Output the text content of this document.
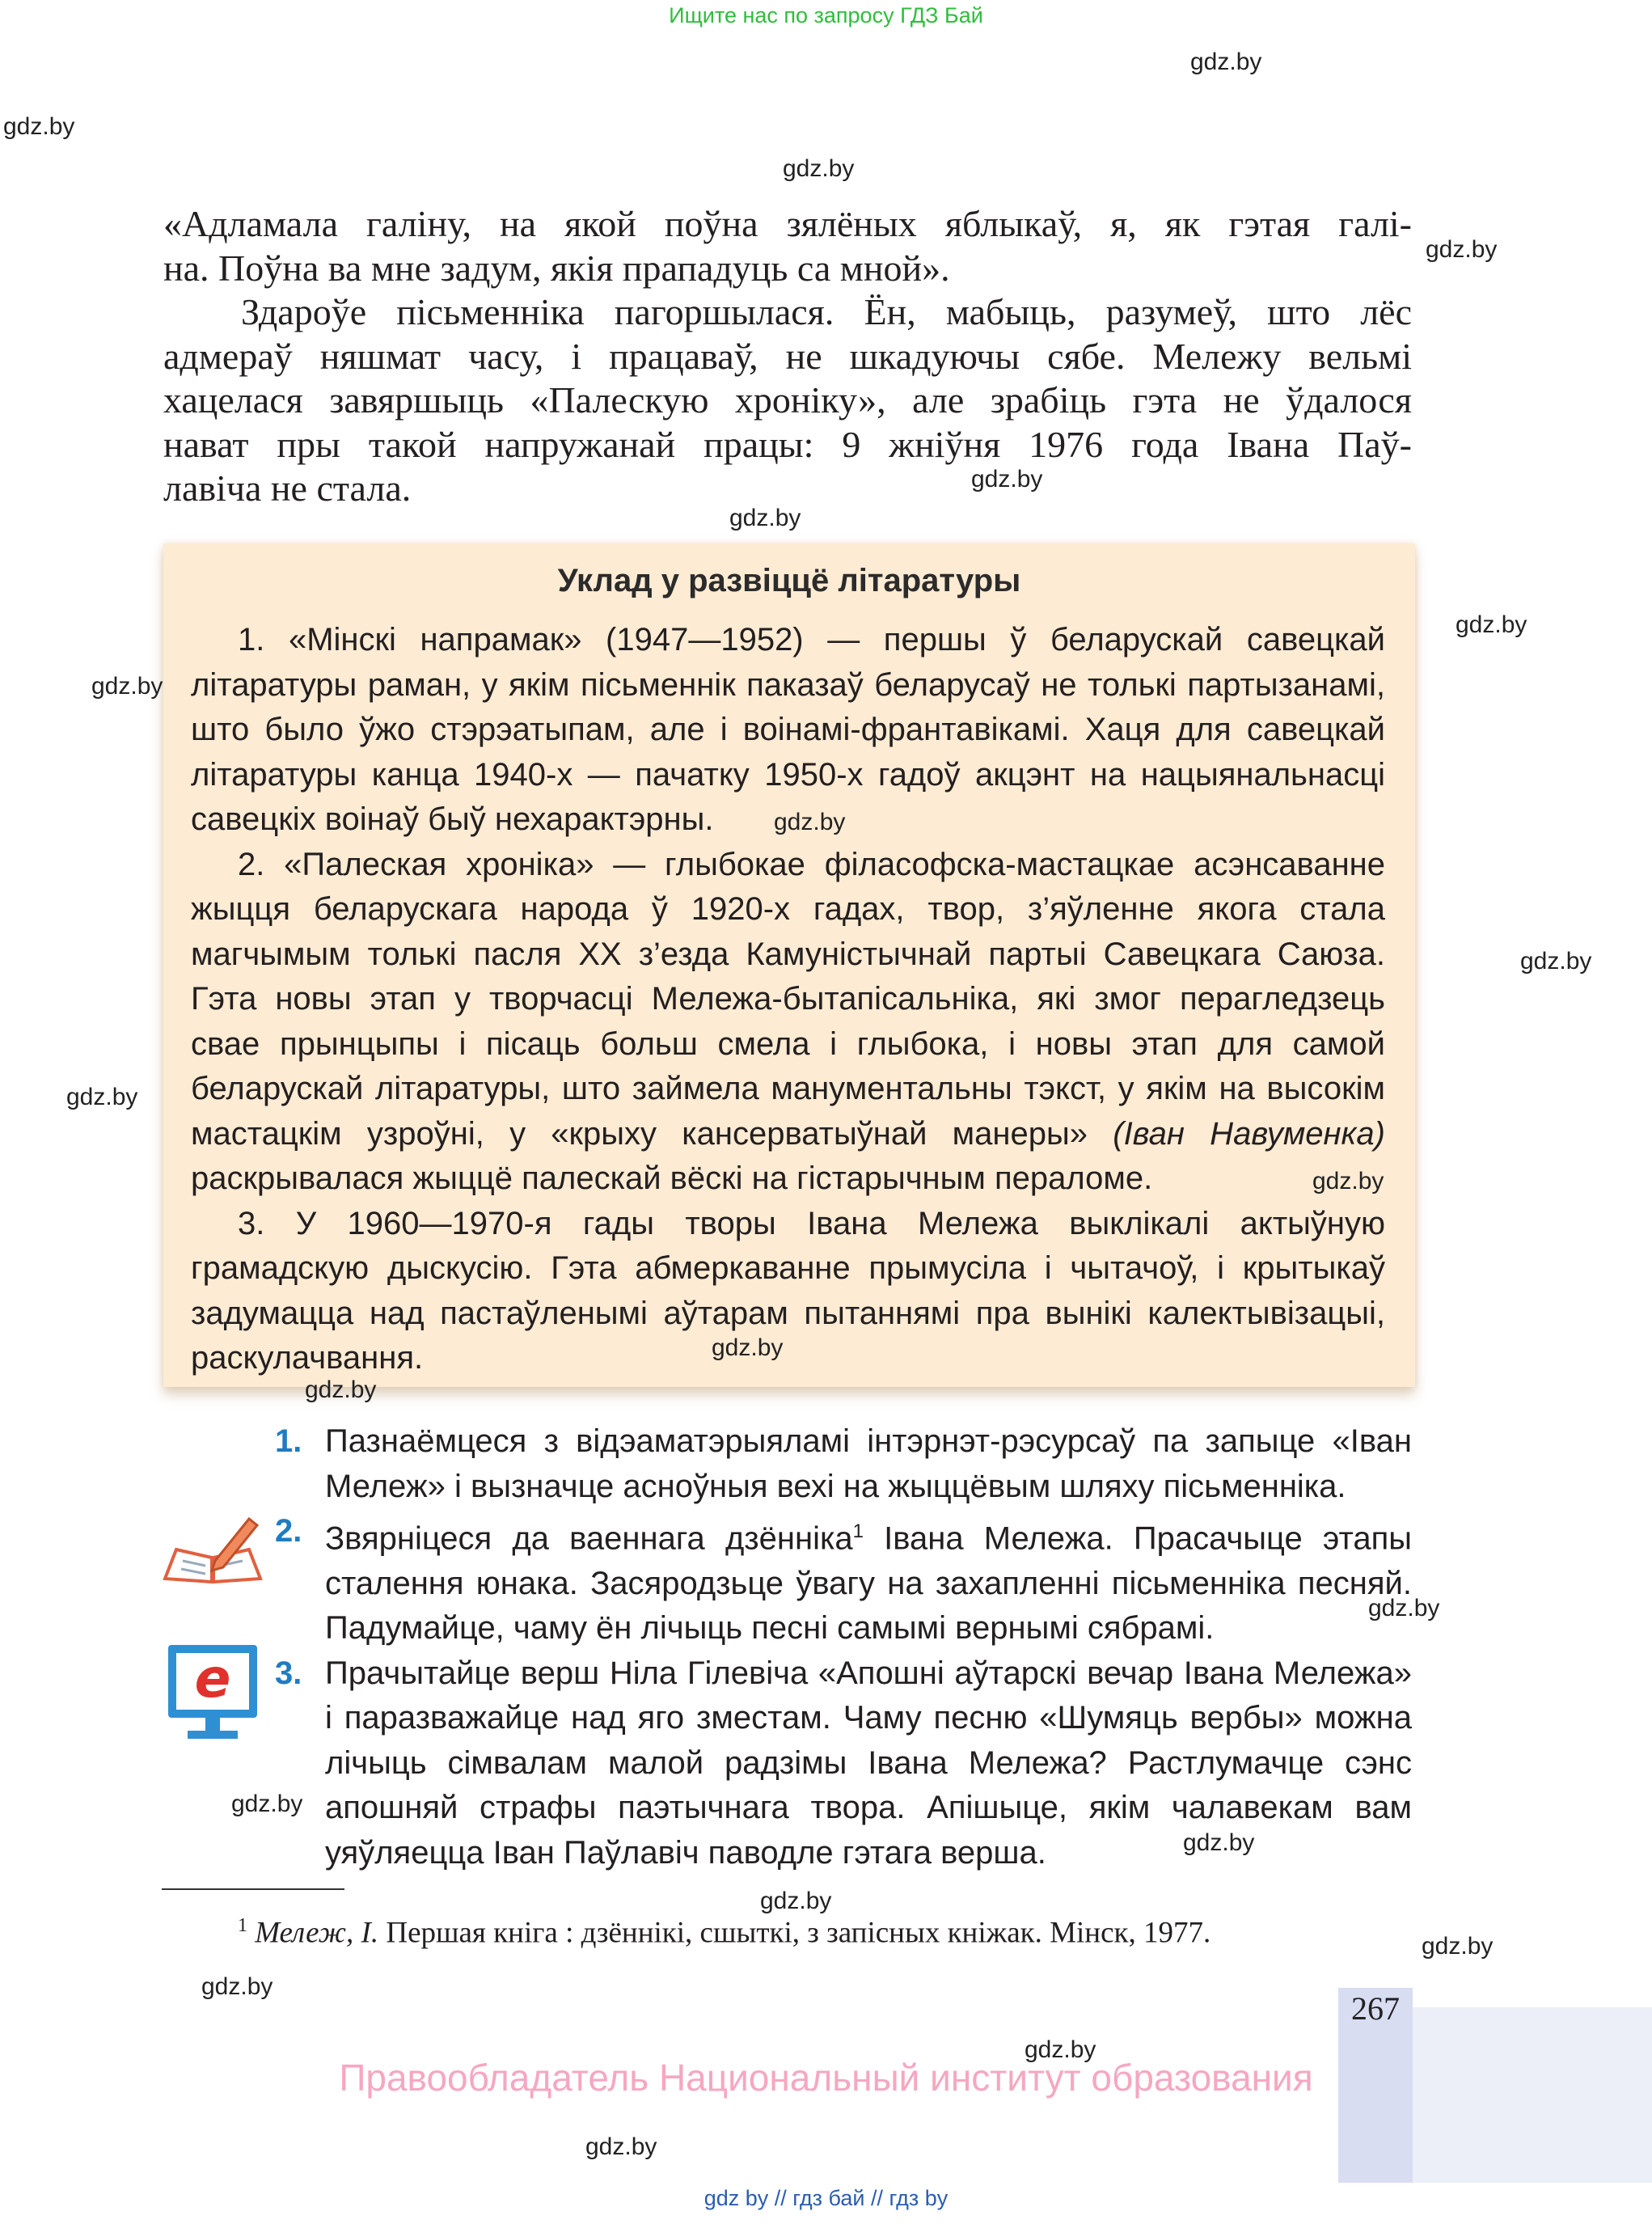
Ищите нас по запросу ГДЗ Бай
«Адламала галіну, на якой поўна зялёных яблыкаў, я, як гэтая галі-
на. Поўна ва мне задум, якія прападуць са мной».
Здароўе пісьменніка пагоршылася. Ён, мабыць, разумеў, што лёс
адмераў няшмат часу, і працаваў, не шкадуючы сябе. Мележу вельмі
хацелася завяршыць «Палескую хроніку», але зрабіць гэта не ўдалося
нават пры такой напружанай працы: 9 жніўня 1976 года Івана Паў-
лавіча не стала.
Уклад у развіццё літаратуры

1. «Мінскі напрамак» (1947—1952) — першы ў беларускай савецкай літаратуры раман, у якім пісьменнік паказаў беларусаў не толькі партызанамі, што было ўжо стэрэатыпам, але і воінамі-франтавікамі. Хаця для савецкай літаратуры канца 1940-х — пачатку 1950-х гадоў акцэнт на нацыянальнасці савецкіх воінаў быў нехарактэрны.

2. «Палеская хроніка» — глыбокае філасофска-мастацкае асэнсаванне жыцця беларускага народа ў 1920-х гадах, твор, з’яўленне якога стала магчымым толькі пасля XX з’езда Камуністычнай партыі Савецкага Саюза. Гэта новы этап у творчасці Мележа-бытапісальніка, які змог перагледзець свае прынцыпы і пісаць больш смела і глыбока, і новы этап для самой беларускай літаратуры, што займела манументальны тэкст, у якім на высокім мастацкім узроўні, у «крыху кансерватыўнай манеры» (Іван Навуменка) раскрывалася жыццё палескай вёскі на гістарычным пераломе.

3. У 1960—1970-я гады творы Івана Мележа выклікалі актыўную грамадскую дыскусію. Гэта абмеркаванне прымусіла і чытачоў, і крытыкаў задумацца над пастаўленымі аўтарам пытаннямі пра вынікі калектывізацыі, раскулачвання.

e

1. Пазнаёмцеся з відэаматэрыяламі інтэрнэт-рэсурсаў па запыце «Іван Мележ» і вызначце асноўныя вехі на жыццёвым шляху пісьменніка.

2. Звярніцеся да ваеннага дзённіка$^1$ Івана Мележа. Прасачыце этапы сталення юнака. Засяродзьце ўвагу на захапленні пісьменніка песняй. Падумайце, чаму ён лічыць песні самымі вернымі сябрамі.

3. Прачытайце верш Ніла Гілевіча «Апошні аўтарскі вечар Івана Мележа» і паразважайце над яго зместам. Чаму песню «Шумяць вербы» можна лічыць сімвалам малой радзімы Івана Мележа? Растлумачце сэнс апошняй страфы паэтычнага твора. Апішыце, якім чалавекам вам уяўляецца Іван Паўлавіч паводле гэтага верша.

$^1$ Мележ, І. Першая кніга : дзённікі, сшыткі, з запісных кніжак. Мінск, 1977.
267
Правообладатель Национальный институт образования
gdz by // гдз бай // гдз by
gdz.by
gdz.by
gdz.by
gdz.by
gdz.by
gdz.by
gdz.by
gdz.by
gdz.by
gdz.by
gdz.by
gdz.by
gdz.by
gdz.by
gdz.by
gdz.by
gdz.by
gdz.by
gdz.by
gdz.by
gdz.by
gdz.by
